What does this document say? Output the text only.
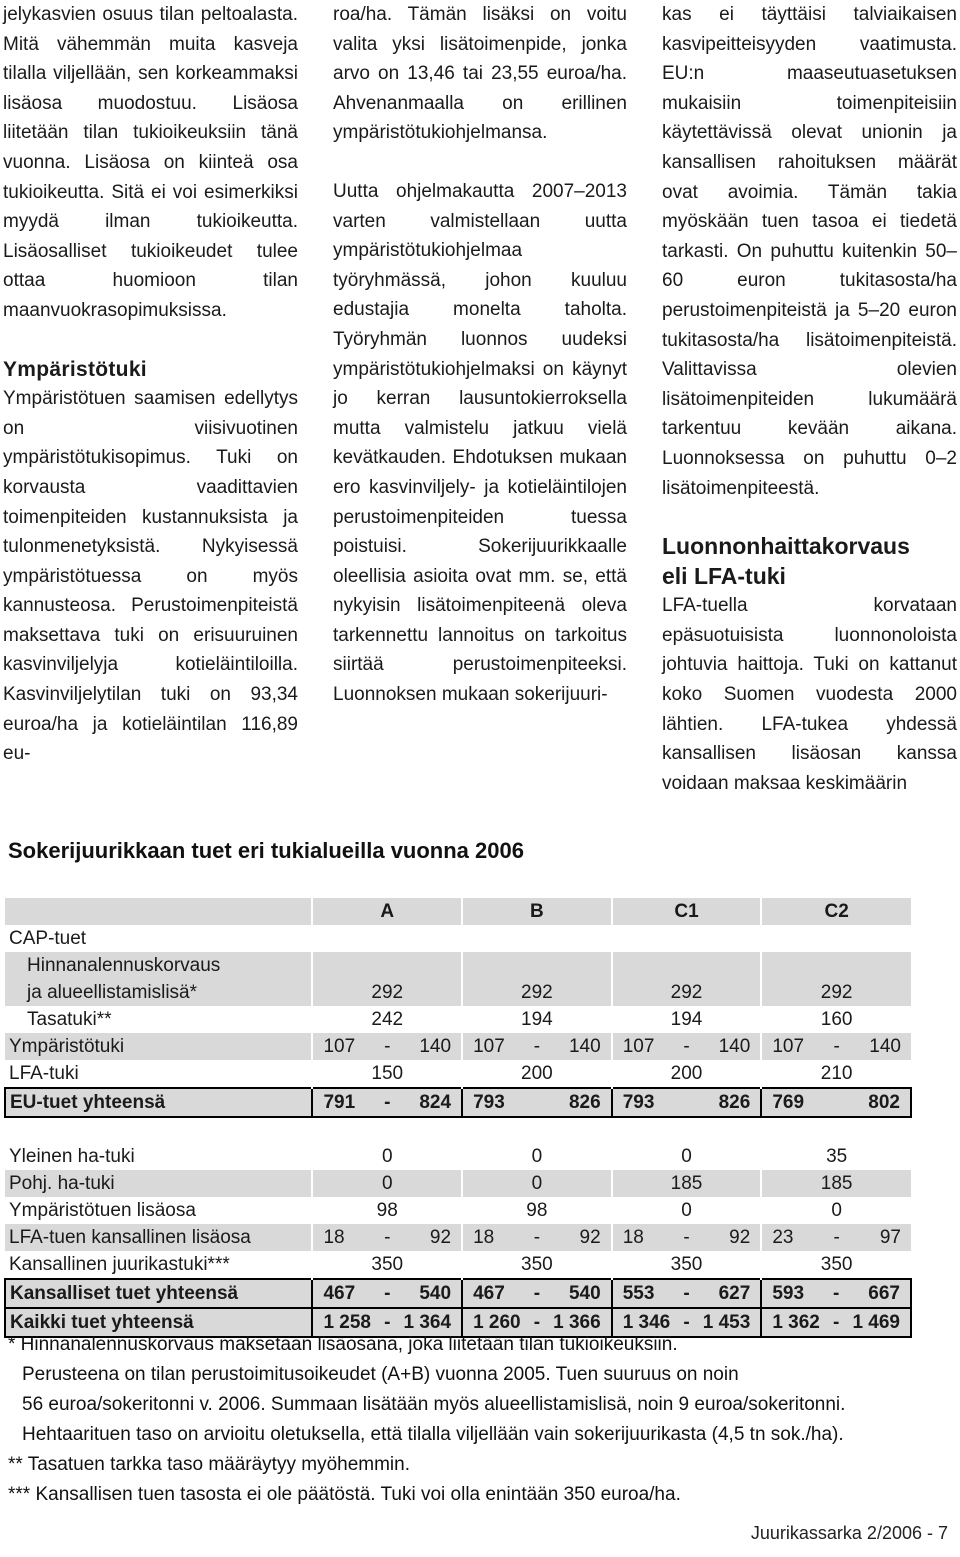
jelykasvien osuus tilan peltoalasta. Mitä vähemmän muita kasveja tilalla viljellään, sen korkeammaksi lisäosa muodostuu. Lisäosa liitetään tilan tukioikeuksiin tänä vuonna. Lisäosa on kiinteä osa tukioikeutta. Sitä ei voi esimerkiksi myydä ilman tukioikeutta. Lisäosalliset tukioikeudet tulee ottaa huomioon tilan maanvuokrasopimuksissa.

Ympäristötuki

Ympäristötuen saamisen edellytys on viisivuotinen ympäristötukisopimus. Tuki on korvausta vaadittavien toimenpiteiden kustannuksista ja tulonmenetyksistä. Nykyisessä ympäristötuessa on myös kannusteosa. Perustoimenpiteistä maksettava tuki on erisuuruinen kasvinviljelyja kotieläintiloilla. Kasvinviljelytilan tuki on 93,34 euroa/ha ja kotieläintilan 116,89 eu-

roa/ha. Tämän lisäksi on voitu valita yksi lisätoimenpide, jonka arvo on 13,46 tai 23,55 euroa/ha. Ahvenanmaalla on erillinen ympäristötukiohjelmansa.

Uutta ohjelmakautta 2007–2013 varten valmistellaan uutta ympäristötukiohjelmaa työryhmässä, johon kuuluu edustajia monelta taholta. Työryhmän luonnos uudeksi ympäristötukiohjelmaksi on käynyt jo kerran lausuntokierroksella mutta valmistelu jatkuu vielä kevätkauden. Ehdotuksen mukaan ero kasvinviljely- ja kotieläintilojen perustoimenpiteiden tuessa poistuisi. Sokerijuurikkaalle oleellisia asioita ovat mm. se, että nykyisin lisätoimenpiteenä oleva tarkennettu lannoitus on tarkoitus siirtää perustoimenpiteeksi. Luonnoksen mukaan sokerijuuri-

kas ei täyttäisi talviaikaisen kasvipeitteisyyden vaatimusta. EU:n maaseutuasetuksen mukaisiin toimenpiteisiin käytettävissä olevat unionin ja kansallisen rahoituksen määrät ovat avoimia. Tämän takia myöskään tuen tasoa ei tiedetä tarkasti. On puhuttu kuitenkin 50–60 euron tukitasosta/ha perustoimenpiteistä ja 5–20 euron tukitasosta/ha lisätoimenpiteistä. Valittavissa olevien lisätoimenpiteiden lukumäärä tarkentuu kevään aikana. Luonnoksessa on puhuttu 0–2 lisätoimenpiteestä.

Luonnonhaittakorvaus

eli LFA-tuki

LFA-tuella korvataan epäsuotuisista luonnonoloista johtuvia haittoja. Tuki on kattanut koko Suomen vuodesta 2000 lähtien. LFA-tukea yhdessä kansallisen lisäosan kanssa voidaan maksaa keskimäärin

Sokerijuurikkaan tuet eri tukialueilla vuonna 2006
	A	B	C1	C2
CAP-tuet				
Hinnanalennuskorvaus				
ja alueellistamislisä*	292	292	292	292
Tasatuki**	242	194	194	160
Ympäristötuki	107 - 140	107 - 140	107 - 140	107 - 140

LFA-tuki	150	200	200	210
EU-tuet yhteensä	791 - 824	793 826	793 826	769 802

Yleinen ha-tuki	0	0	0	35
Pohj. ha-tuki	0	0	185	185
Ympäristötuen lisäosa	98	98	0	0
LFA-tuen kansallinen lisäosa	18 - 92	18 - 92	18 - 92	23 - 97

Kansallinen juurikastuki***	350	350	350	350
Kansalliset tuet yhteensä	467 - 540	467 - 540	553 - 627	593 - 667

Kaikki tuet yhteensä	1 258 - 1 364	1 260 - 1 366	1 346 - 1 453	1 362 - 1 469

* Hinnanalennuskorvaus maksetaan lisäosana, joka liitetään tilan tukioikeuksiin.

Perusteena on tilan perustoimitusoikeudet (A+B) vuonna 2005. Tuen suuruus on noin

56 euroa/sokeritonni v. 2006. Summaan lisätään myös alueellistamislisä, noin 9 euroa/sokeritonni.

Hehtaarituen taso on arvioitu oletuksella, että tilalla viljellään vain sokerijuurikasta (4,5 tn sok./ha).

** Tasatuen tarkka taso määräytyy myöhemmin.

*** Kansallisen tuen tasosta ei ole päätöstä. Tuki voi olla enintään 350 euroa/ha.

Juurikassarka 2/2006 - 7
